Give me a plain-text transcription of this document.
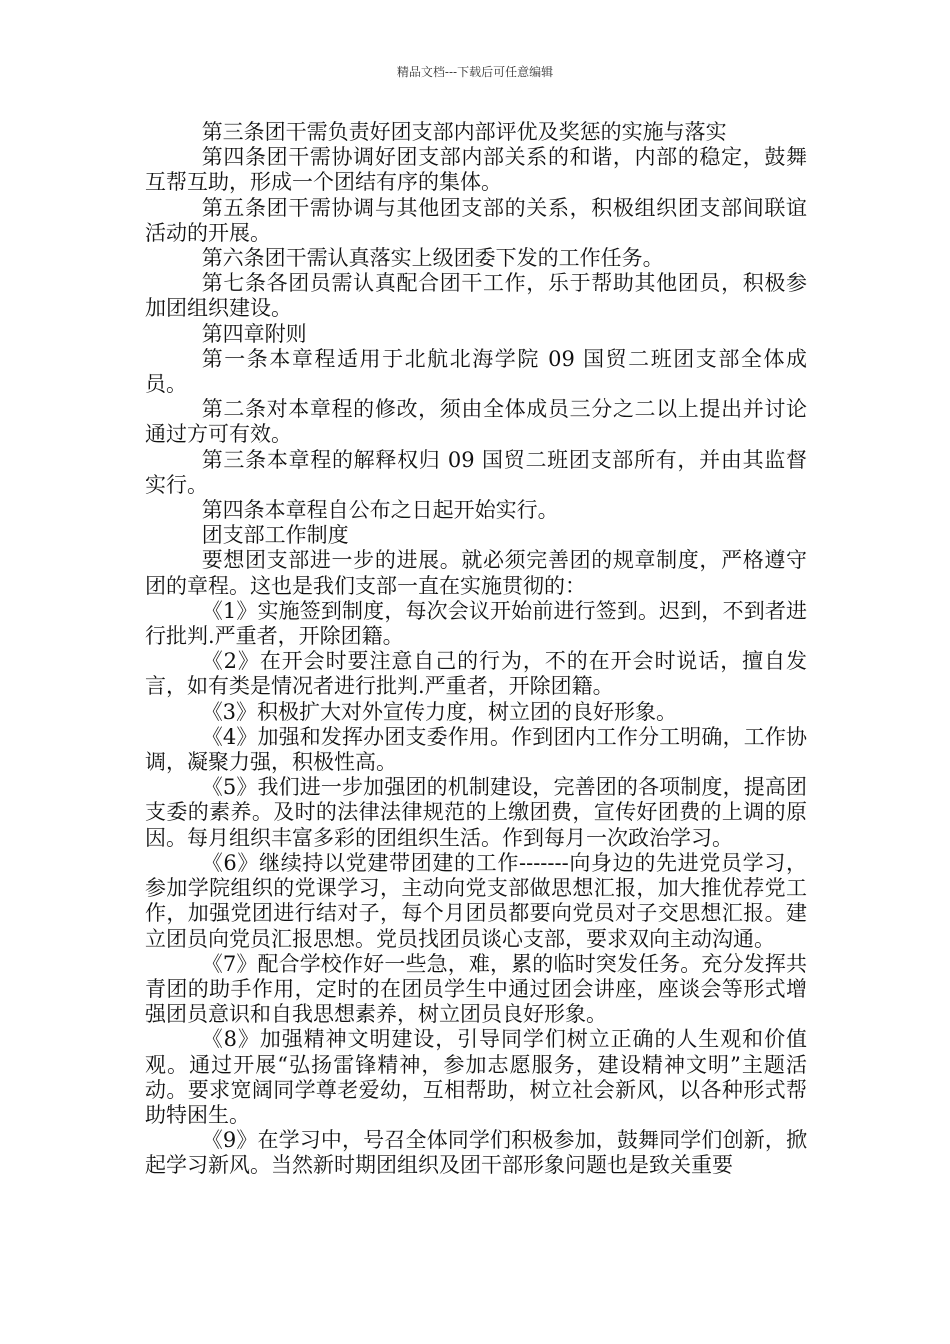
精品文档---下载后可任意编辑

第三条团干需负责好团支部内部评优及奖惩的实施与落实

第四条团干需协调好团支部内部关系的和谐，内部的稳定，鼓舞互帮互助，形成一个团结有序的集体。

第五条团干需协调与其他团支部的关系，积极组织团支部间联谊活动的开展。

第六条团干需认真落实上级团委下发的工作任务。

第七条各团员需认真配合团干工作，乐于帮助其他团员，积极参加团组织建设。

第四章附则

第一条本章程适用于北航北海学院 09 国贸二班团支部全体成员。

第二条对本章程的修改，须由全体成员三分之二以上提出并讨论通过方可有效。

第三条本章程的解释权归 09 国贸二班团支部所有，并由其监督实行。

第四条本章程自公布之日起开始实行。

团支部工作制度

要想团支部进一步的进展。就必须完善团的规章制度，严格遵守团的章程。这也是我们支部一直在实施贯彻的：

《1》实施签到制度，每次会议开始前进行签到。迟到，不到者进行批判.严重者，开除团籍。

《2》在开会时要注意自己的行为，不的在开会时说话，擅自发言，如有类是情况者进行批判.严重者，开除团籍。

《3》积极扩大对外宣传力度，树立团的良好形象。

《4》加强和发挥办团支委作用。作到团内工作分工明确，工作协调，凝聚力强，积极性高。

《5》我们进一步加强团的机制建设，完善团的各项制度，提高团支委的素养。及时的法律法律规范的上缴团费，宣传好团费的上调的原因。每月组织丰富多彩的团组织生活。作到每月一次政治学习。

《6》继续持以党建带团建的工作-------向身边的先进党员学习，参加学院组织的党课学习，主动向党支部做思想汇报，加大推优荐党工作，加强党团进行结对子，每个月团员都要向党员对子交思想汇报。建立团员向党员汇报思想。党员找团员谈心支部，要求双向主动沟通。

《7》配合学校作好一些急，难，累的临时突发任务。充分发挥共青团的助手作用，定时的在团员学生中通过团会讲座，座谈会等形式增强团员意识和自我思想素养，树立团员良好形象。

《8》加强精神文明建设，引导同学们树立正确的人生观和价值观。通过开展“弘扬雷锋精神，参加志愿服务，建设精神文明”主题活动。要求宽阔同学尊老爱幼，互相帮助，树立社会新风，以各种形式帮助特困生。

《9》在学习中，号召全体同学们积极参加，鼓舞同学们创新，掀起学习新风。当然新时期团组织及团干部形象问题也是致关重要
